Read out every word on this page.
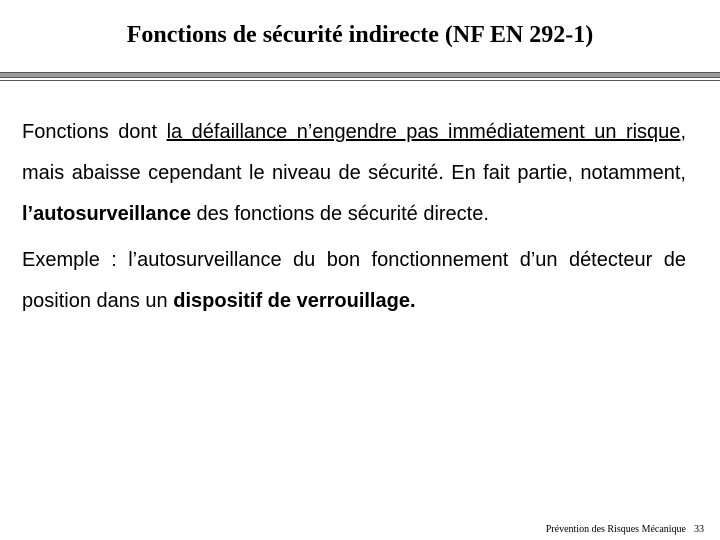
Fonctions de sécurité indirecte (NF EN 292-1)

Fonctions dont la défaillance n’engendre pas immédiatement un risque, mais abaisse cependant le niveau de sécurité. En fait partie, notamment, l’autosurveillance des fonctions de sécurité directe.

Exemple : l’autosurveillance du bon fonctionnement d’un détecteur de position dans un dispositif de verrouillage.

Prévention des Risques Mécanique 33
